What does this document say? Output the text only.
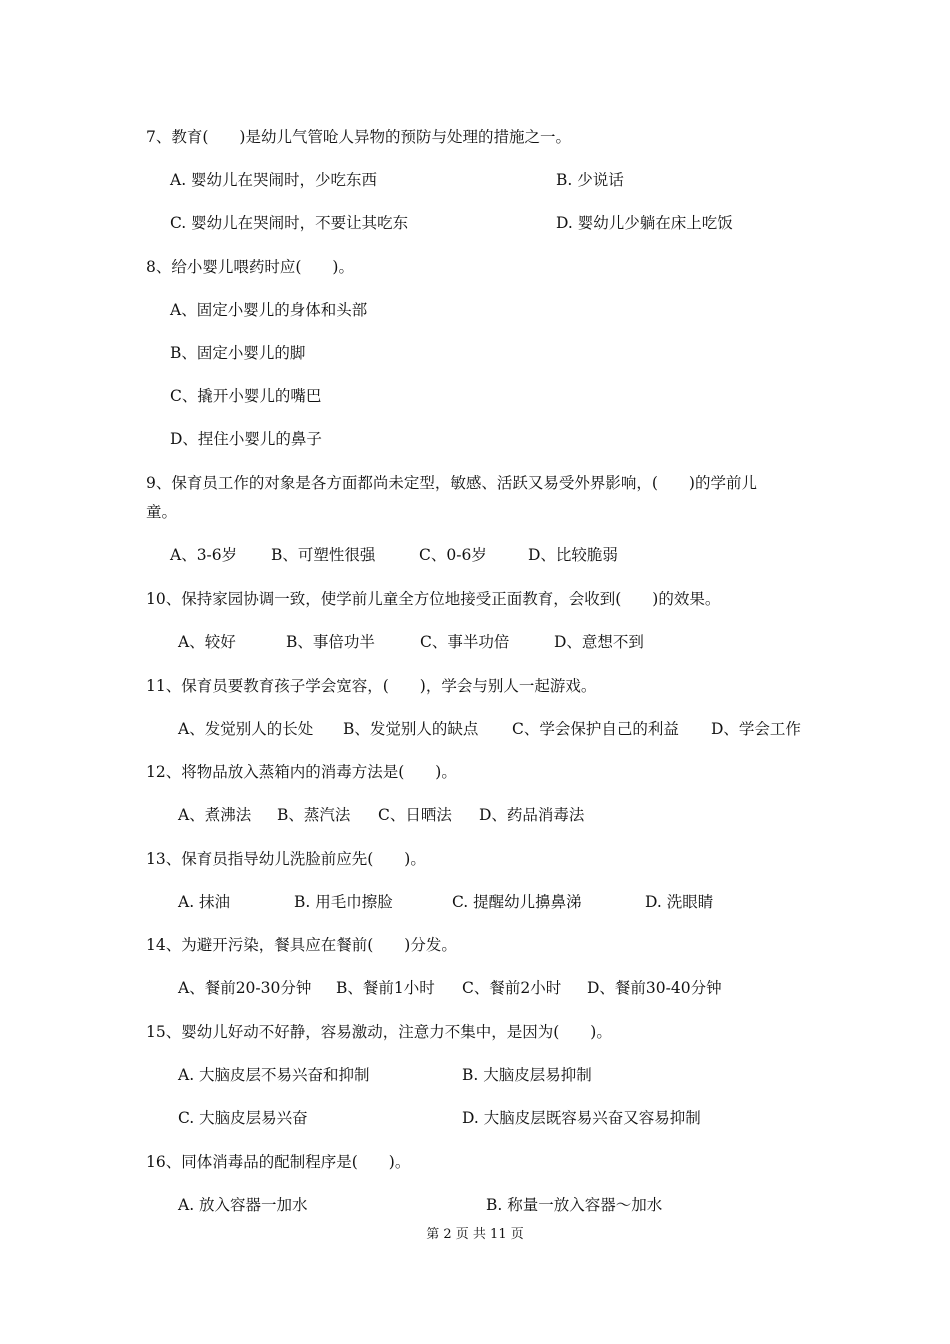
7、教育(　　)是幼儿气管呛人异物的预防与处理的措施之一。
A. 婴幼儿在哭闹时，少吃东西	B. 少说话
C. 婴幼儿在哭闹时，不要让其吃东	D. 婴幼儿少躺在床上吃饭
8、给小婴儿喂药时应(　　)。
A、固定小婴儿的身体和头部
B、固定小婴儿的脚
C、撬开小婴儿的嘴巴
D、捏住小婴儿的鼻子
9、保育员工作的对象是各方面都尚未定型，敏感、活跃又易受外界影响，(　　)的学前儿
童。
A、3-6岁 B、可塑性很强	C、0-6岁	D、比较脆弱
10、保持家园协调一致，使学前儿童全方位地接受正面教育，会收到(　　)的效果。
A、较好	B、事倍功半	C、事半功倍	D、意想不到
11、保育员要教育孩子学会宽容，(　　)，学会与别人一起游戏。
A、发觉别人的长处 B、发觉别人的缺点 C、学会保护自己的利益 D、学会工作
12、将物品放入蒸箱内的消毒方法是(　　)。
A、煮沸法 B、蒸汽法 C、日晒法 D、药品消毒法
13、保育员指导幼儿洗脸前应先(　　)。
A. 抹油	B. 用毛巾擦脸	C. 提醒幼儿擤鼻涕	D. 洗眼睛
14、为避开污染，餐具应在餐前(　　)分发。
A、餐前20-30分钟 B、餐前1小时 C、餐前2小时 D、餐前30-40分钟
15、婴幼儿好动不好静，容易激动，注意力不集中，是因为(　　)。
A. 大脑皮层不易兴奋和抑制	B. 大脑皮层易抑制
C. 大脑皮层易兴奋	D. 大脑皮层既容易兴奋又容易抑制
16、同体消毒品的配制程序是(　　)。
A. 放入容器一加水	B. 称量一放入容器～加水
第 2 页 共 11 页
